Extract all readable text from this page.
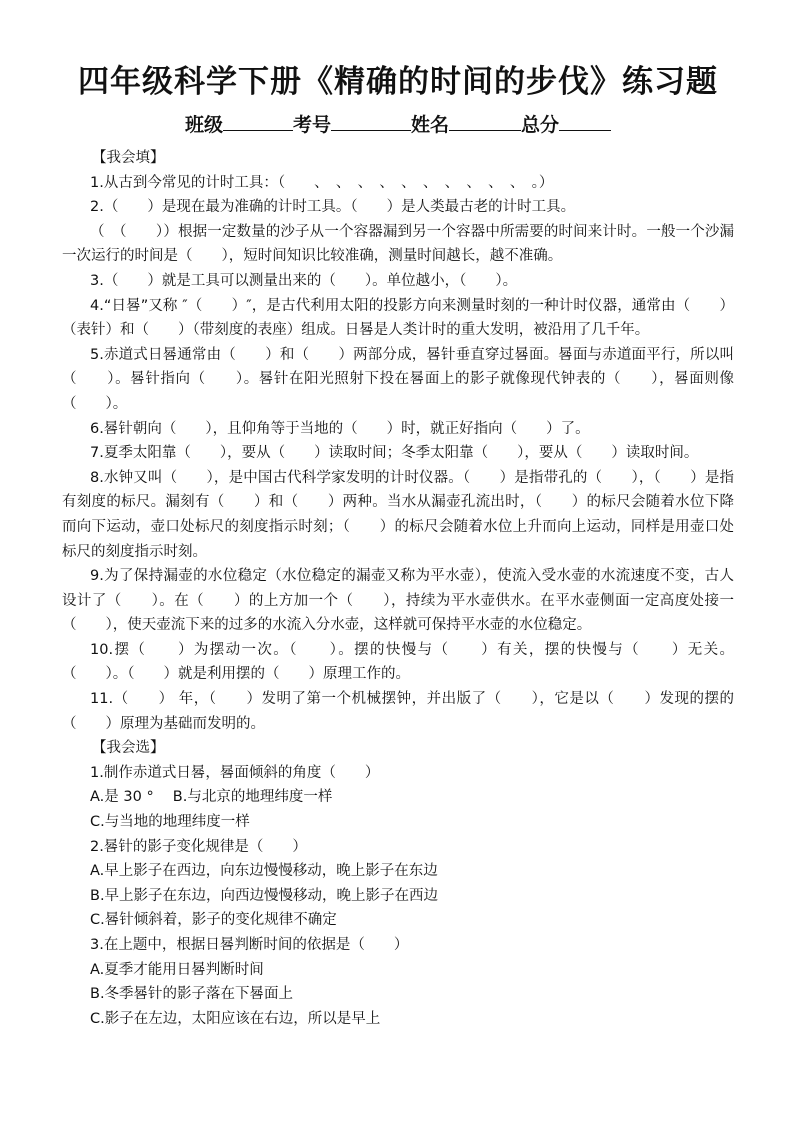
四年级科学下册《精确的时间的步伐》练习题
班级	考号	姓名	总分
【我会填】

1.从古到今常见的计时工具：（　　、　、　、　、　、　、　、　、　、　、　。）

2.（　　）是现在最为准确的计时工具。（　　）是人类最古老的计时工具。

（　（　　））根据一定数量的沙子从一个容器漏到另一个容器中所需要的时间来计时。一般一个沙漏一次运行的时间是（　　），短时间知识比较准确，测量时间越长，越不准确。

3.（　　）就是工具可以测量出来的（　　）。单位越小，（　　）。

4.“日晷”又称 ″（　　）″，是古代利用太阳的投影方向来测量时刻的一种计时仪器，通常由（　　）（表针）和（　　）（带刻度的表座）组成。日晷是人类计时的重大发明，被沿用了几千年。

5.赤道式日晷通常由（　　）和（　　）两部分成，晷针垂直穿过晷面。晷面与赤道面平行，所以叫（　　）。晷针指向（　　）。晷针在阳光照射下投在晷面上的影子就像现代钟表的（　　），晷面则像（　　）。

6.晷针朝向（　　），且仰角等于当地的（　　）时，就正好指向（　　）了。

7.夏季太阳靠（　　），要从（　　）读取时间；冬季太阳靠（　　），要从（　　）读取时间。

8.水钟又叫（　　），是中国古代科学家发明的计时仪器。（　　）是指带孔的（　　），（　　）是指有刻度的标尺。漏刻有（　　）和（　　）两种。当水从漏壶孔流出时，（　　）的标尺会随着水位下降而向下运动，壶口处标尺的刻度指示时刻；（　　）的标尺会随着水位上升而向上运动，同样是用壶口处标尺的刻度指示时刻。

9.为了保持漏壶的水位稳定（水位稳定的漏壶又称为平水壶），使流入受水壶的水流速度不变，古人设计了（　　）。在（　　）的上方加一个（　　），持续为平水壶供水。在平水壶侧面一定高度处接一（　　），使天壶流下来的过多的水流入分水壶，这样就可保持平水壶的水位稳定。

10.摆（　　）为摆动一次。（　　）。摆的快慢与（　　）有关，摆的快慢与（　　）无关。（　　）。（　　）就是利用摆的（　　）原理工作的。

11.（　　） 年，（　　）发明了第一个机械摆钟，并出版了（　　），它是以（　　）发现的摆的（　　）原理为基础而发明的。

【我会选】

1.制作赤道式日晷，晷面倾斜的角度（　　）

A.是 30 °　 B.与北京的地理纬度一样

C.与当地的地理纬度一样

2.晷针的影子变化规律是（　　）

A.早上影子在西边，向东边慢慢移动，晚上影子在东边

B.早上影子在东边，向西边慢慢移动，晚上影子在西边

C.晷针倾斜着，影子的变化规律不确定

3.在上题中，根据日晷判断时间的依据是（　　）

A.夏季才能用日晷判断时间

B.冬季晷针的影子落在下晷面上

C.影子在左边，太阳应该在右边，所以是早上
